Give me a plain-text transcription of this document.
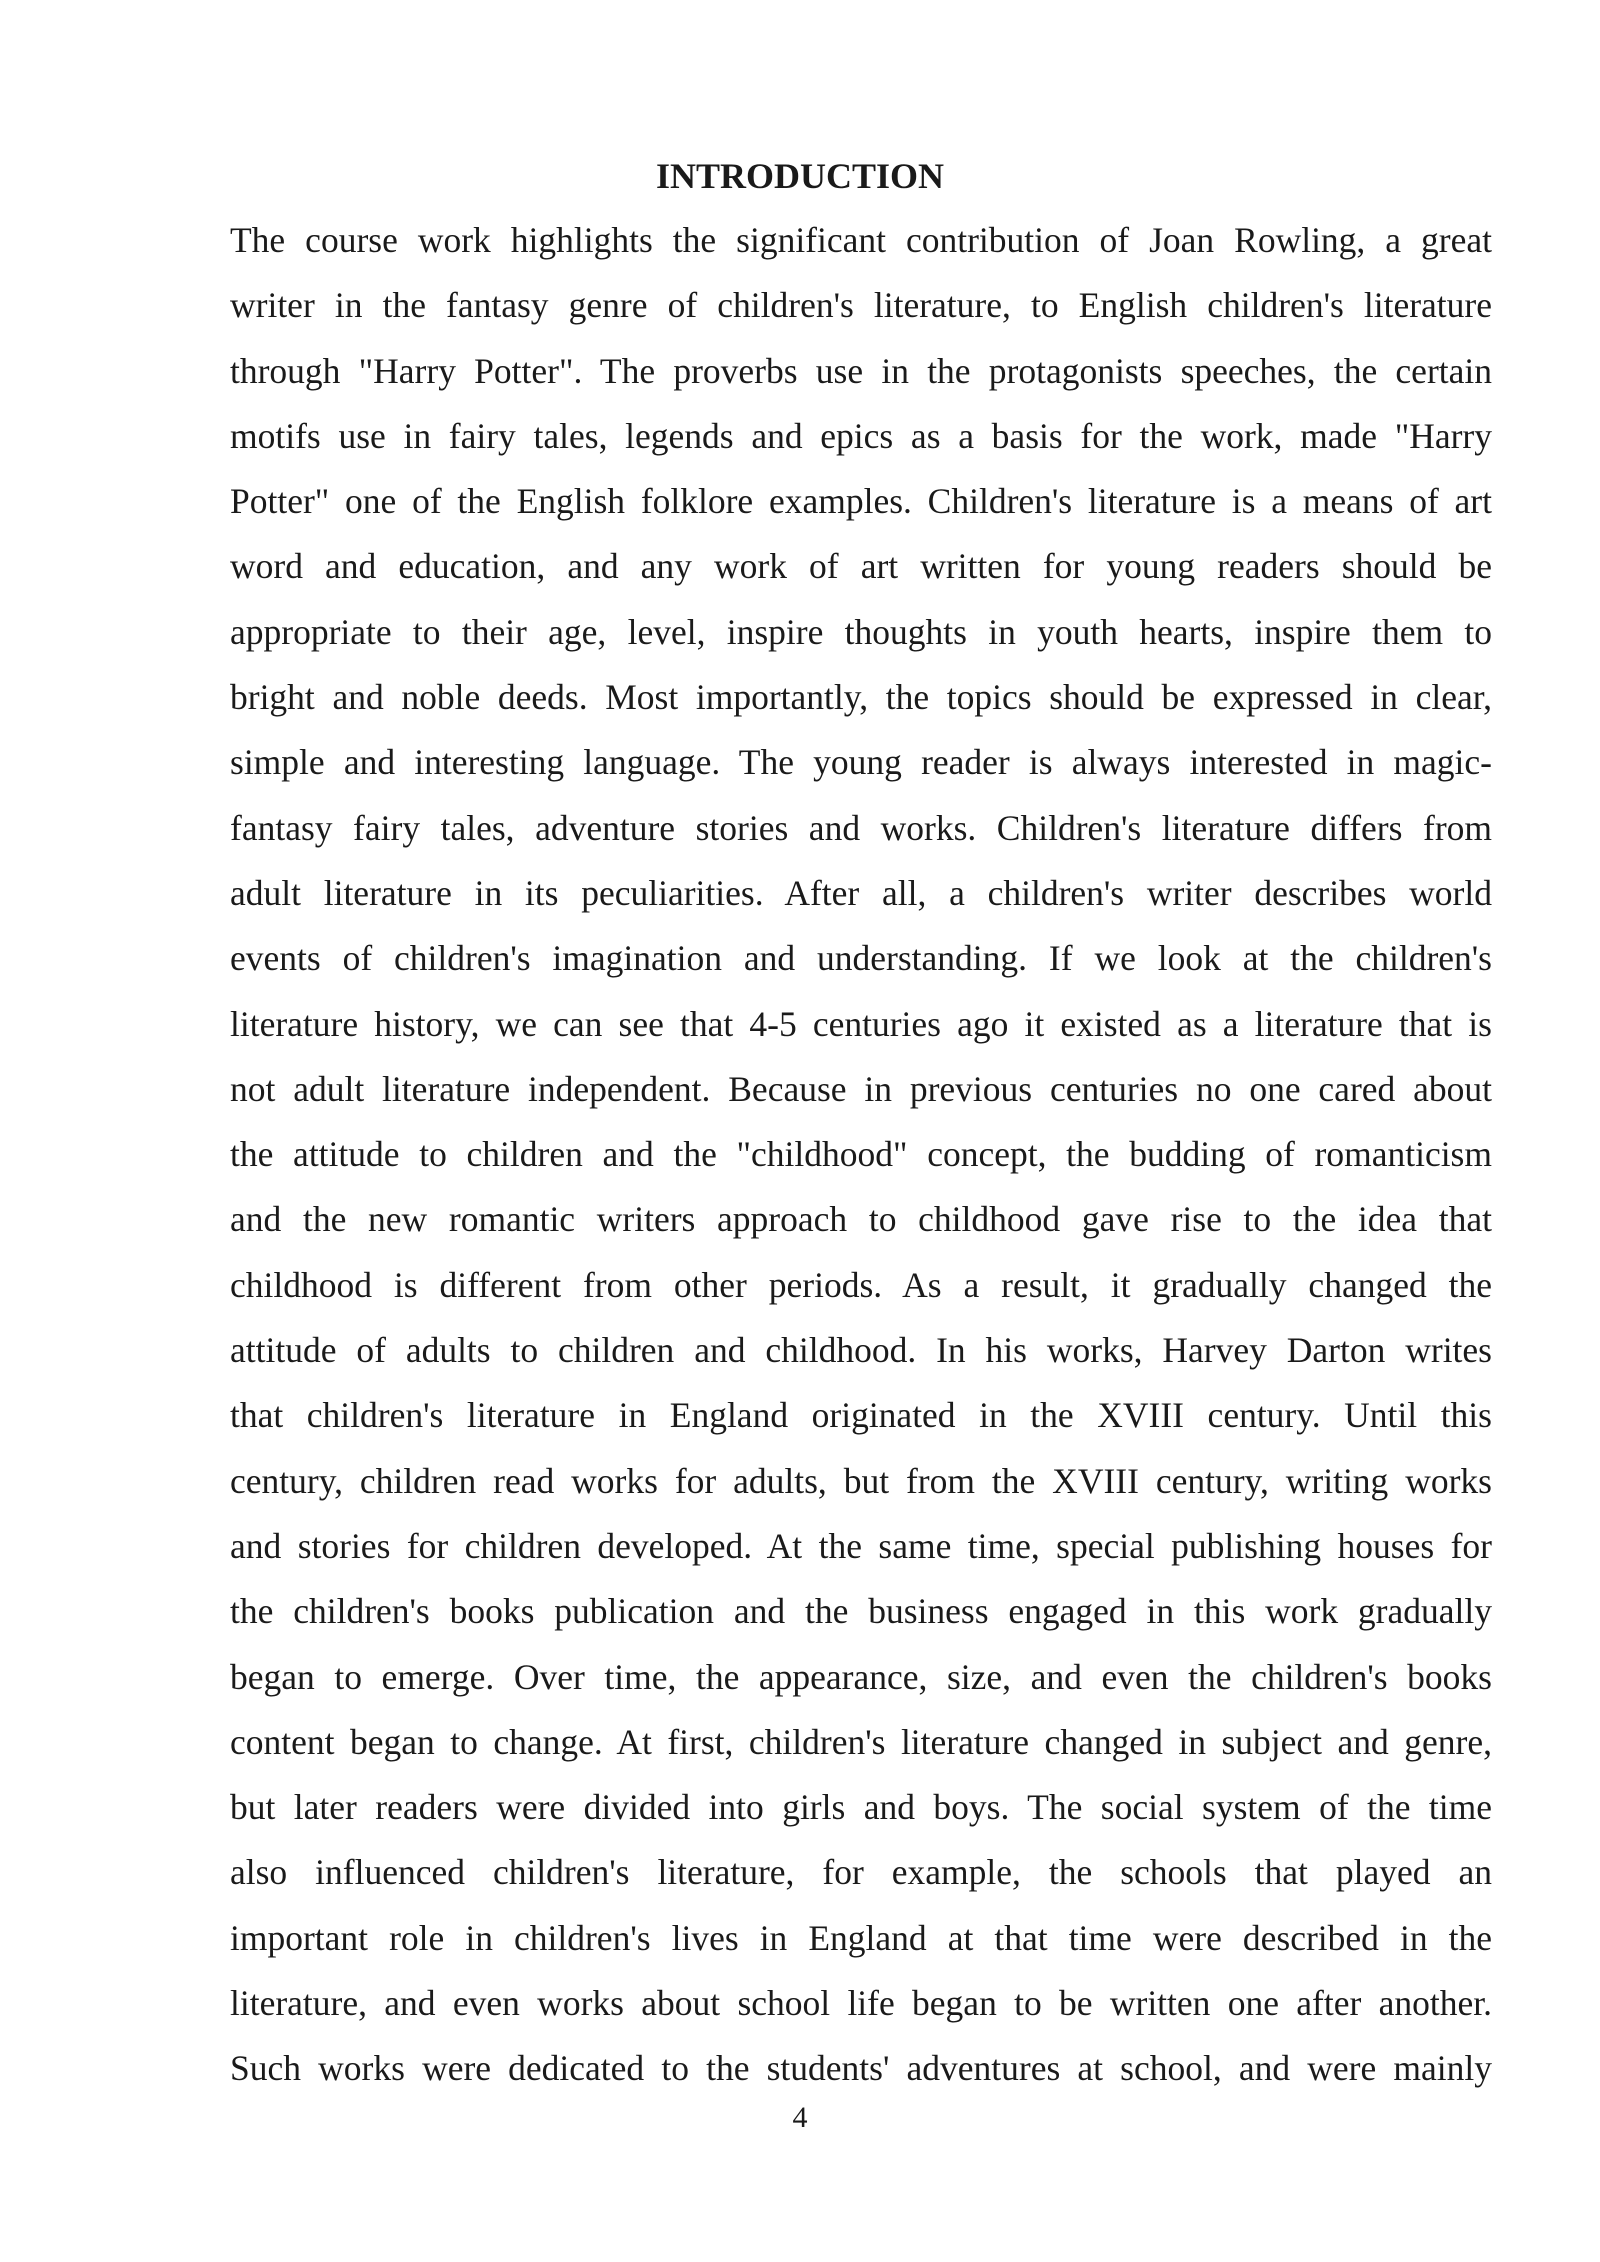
INTRODUCTION
The course work highlights the significant contribution of Joan Rowling, a great
writer in the fantasy genre of children's literature, to English children's literature
through "Harry Potter". The proverbs use in the protagonists speeches, the certain
motifs use in fairy tales, legends and epics as a basis for the work, made "Harry
Potter" one of the English folklore examples. Children's literature is a means of art
word and education, and any work of art written for young readers should be
appropriate to their age, level, inspire thoughts in youth hearts, inspire them to
bright and noble deeds. Most importantly, the topics should be expressed in clear,
simple and interesting language. The young reader is always interested in magic-
fantasy fairy tales, adventure stories and works. Children's literature differs from
adult literature in its peculiarities. After all, a children's writer describes world
events of children's imagination and understanding. If we look at the children's
literature history, we can see that 4-5 centuries ago it existed as a literature that is
not adult literature independent. Because in previous centuries no one cared about
the attitude to children and the "childhood" concept, the budding of romanticism
and the new romantic writers approach to childhood gave rise to the idea that
childhood is different from other periods. As a result, it gradually changed the
attitude of adults to children and childhood. In his works, Harvey Darton writes
that children's literature in England originated in the XVIII century. Until this
century, children read works for adults, but from the XVIII century, writing works
and stories for children developed. At the same time, special publishing houses for
the children's books publication and the business engaged in this work gradually
began to emerge. Over time, the appearance, size, and even the children's books
content began to change. At first, children's literature changed in subject and genre,
but later readers were divided into girls and boys. The social system of the time
also influenced children's literature, for example, the schools that played an
important role in children's lives in England at that time were described in the
literature, and even works about school life began to be written one after another.
Such works were dedicated to the students' adventures at school, and were mainly
4
